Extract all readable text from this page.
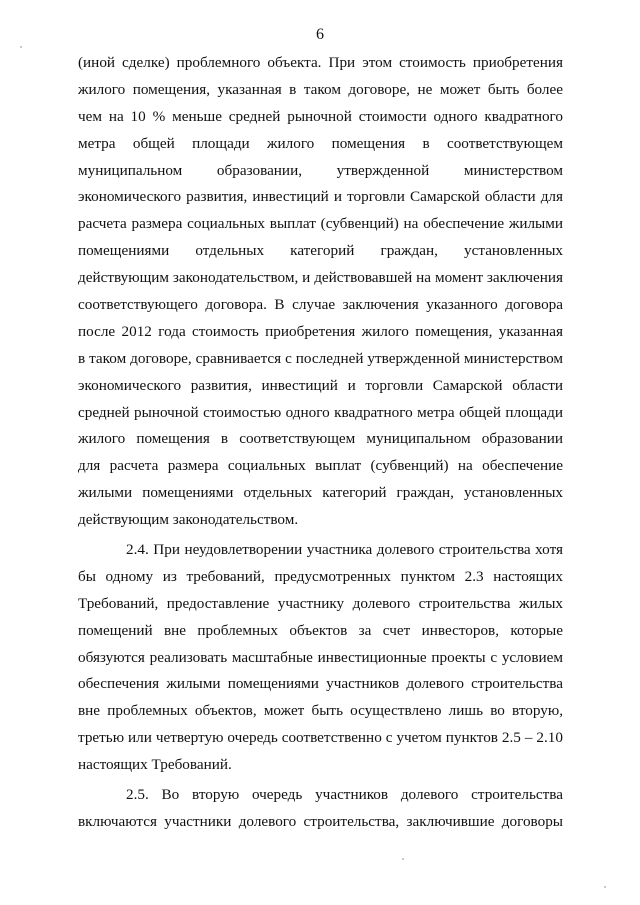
6
(иной сделке) проблемного объекта. При этом стоимость приобретения
жилого помещения, указанная в таком договоре, не может быть более
чем на 10 % меньше средней рыночной стоимости одного квадратного
метра общей площади жилого помещения в соответствующем
муниципальном образовании, утвержденной министерством
экономического развития, инвестиций и торговли Самарской области для
расчета размера социальных выплат (субвенций) на обеспечение жилыми
помещениями отдельных категорий граждан, установленных
действующим законодательством, и действовавшей на момент заключения
соответствующего договора. В случае заключения указанного договора
после 2012 года стоимость приобретения жилого помещения, указанная
в таком договоре, сравнивается с последней утвержденной министерством
экономического развития, инвестиций и торговли Самарской области
средней рыночной стоимостью одного квадратного метра общей площади
жилого помещения в соответствующем муниципальном образовании
для расчета размера социальных выплат (субвенций) на обеспечение
жилыми помещениями отдельных категорий граждан, установленных
действующим законодательством.
2.4. При неудовлетворении участника долевого строительства хотя
бы одному из требований, предусмотренных пунктом 2.3 настоящих
Требований, предоставление участнику долевого строительства жилых
помещений вне проблемных объектов за счет инвесторов, которые
обязуются реализовать масштабные инвестиционные проекты с условием
обеспечения жилыми помещениями участников долевого строительства
вне проблемных объектов, может быть осуществлено лишь во вторую,
третью или четвертую очередь соответственно с учетом пунктов 2.5 – 2.10
настоящих Требований.
2.5. Во вторую очередь участников долевого строительства
включаются участники долевого строительства, заключившие договоры
